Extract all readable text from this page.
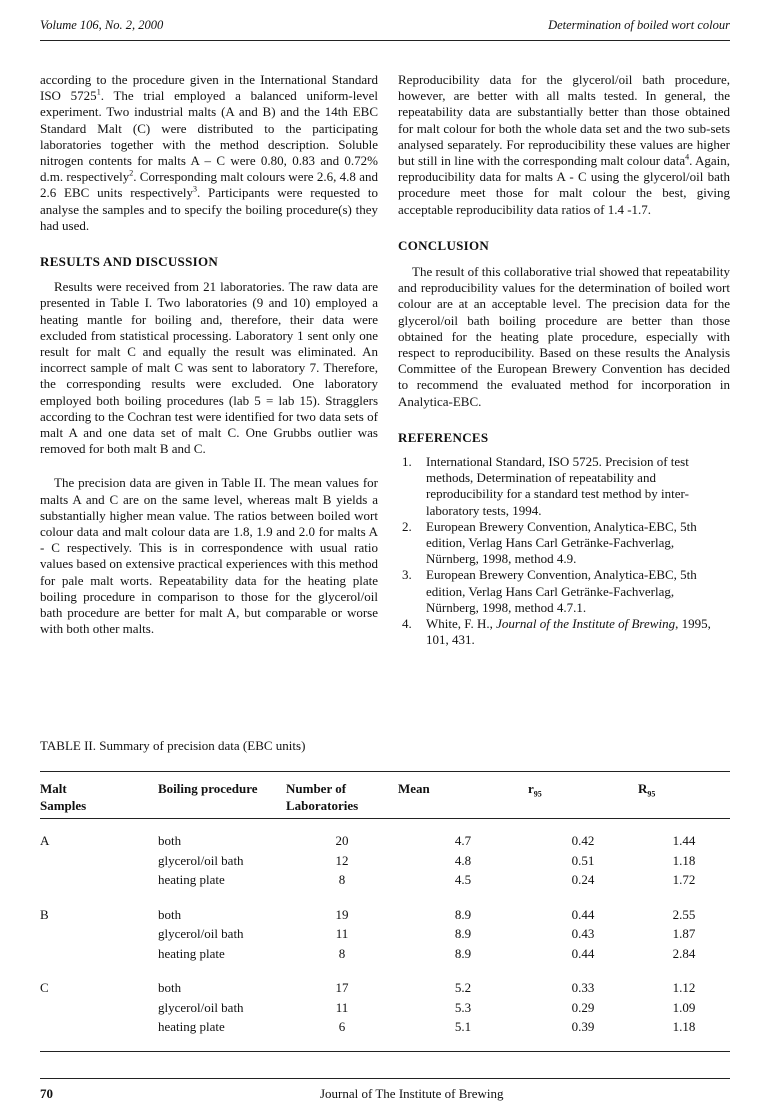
Volume 106, No. 2, 2000	Determination of boiled wort colour

according to the procedure given in the International Standard ISO 5725$^1$. The trial employed a balanced uniform-level experiment. Two industrial malts (A and B) and the 14th EBC Standard Malt (C) were distributed to the participating laboratories together with the method description. Soluble nitrogen contents for malts A – C were 0.80, 0.83 and 0.72% d.m. respectively$^2$. Corresponding malt colours were 2.6, 4.8 and 2.6 EBC units respectively$^3$. Participants were requested to analyse the samples and to specify the boiling procedure(s) they had used.

RESULTS AND DISCUSSION

Results were received from 21 laboratories. The raw data are presented in Table I. Two laboratories (9 and 10) employed a heating mantle for boiling and, therefore, their data were excluded from statistical processing. Laboratory 1 sent only one result for malt C and equally the result was eliminated. An incorrect sample of malt C was sent to laboratory 7. Therefore, the corresponding results were excluded. One laboratory employed both boiling procedures (lab 5 = lab 15). Stragglers according to the Cochran test were identified for two data sets of malt A and one data set of malt C. One Grubbs outlier was removed for both malt B and C.

The precision data are given in Table II. The mean values for malts A and C are on the same level, whereas malt B yields a substantially higher mean value. The ratios between boiled wort colour data and malt colour data are 1.8, 1.9 and 2.0 for malts A - C respectively. This is in correspondence with usual ratio values based on extensive practical experiences with this method for pale malt worts. Repeatability data for the heating plate boiling procedure in comparison to those for the glycerol/oil bath procedure are better for malt A, but comparable or worse with both other malts.

Reproducibility data for the glycerol/oil bath procedure, however, are better with all malts tested. In general, the repeatability data are substantially better than those obtained for malt colour for both the whole data set and the two sub-sets analysed separately. For reproducibility these values are higher but still in line with the corresponding malt colour data$^4$. Again, reproducibility data for malts A - C using the glycerol/oil bath procedure meet those for malt colour the best, giving acceptable reproducibility data ratios of 1.4 -1.7.

CONCLUSION

The result of this collaborative trial showed that repeatability and reproducibility values for the determination of boiled wort colour are at an acceptable level. The precision data for the glycerol/oil bath boiling procedure are better than those obtained for the heating plate procedure, especially with respect to reproducibility. Based on these results the Analysis Committee of the European Brewery Convention has decided to recommend the evaluated method for incorporation in Analytica-EBC.

REFERENCES
1. International Standard, ISO 5725. Precision of test methods, Determination of repeatability and reproducibility for a standard test method by inter-laboratory tests, 1994.
2. European Brewery Convention, Analytica-EBC, 5th edition, Verlag Hans Carl Getränke-Fachverlag, Nürnberg, 1998, method 4.9.
3. European Brewery Convention, Analytica-EBC, 5th edition, Verlag Hans Carl Getränke-Fachverlag, Nürnberg, 1998, method 4.7.1.
4. White, F. H., Journal of the Institute of Brewing, 1995, 101, 431.
TABLE II. Summary of precision data (EBC units)
Malt
Samples	Boiling procedure	Number of
Laboratories	Mean	$r_{95}$	$R_{95}$

A	both	20	4.7	0.42	1.44
	glycerol/oil bath	12	4.8	0.51	1.18
	heating plate	8	4.5	0.24	1.72

B	both	19	8.9	0.44	2.55
	glycerol/oil bath	11	8.9	0.43	1.87
	heating plate	8	8.9	0.44	2.84

C	both	17	5.2	0.33	1.12
	glycerol/oil bath	11	5.3	0.29	1.09
	heating plate	6	5.1	0.39	1.18
70	Journal of The Institute of Brewing
